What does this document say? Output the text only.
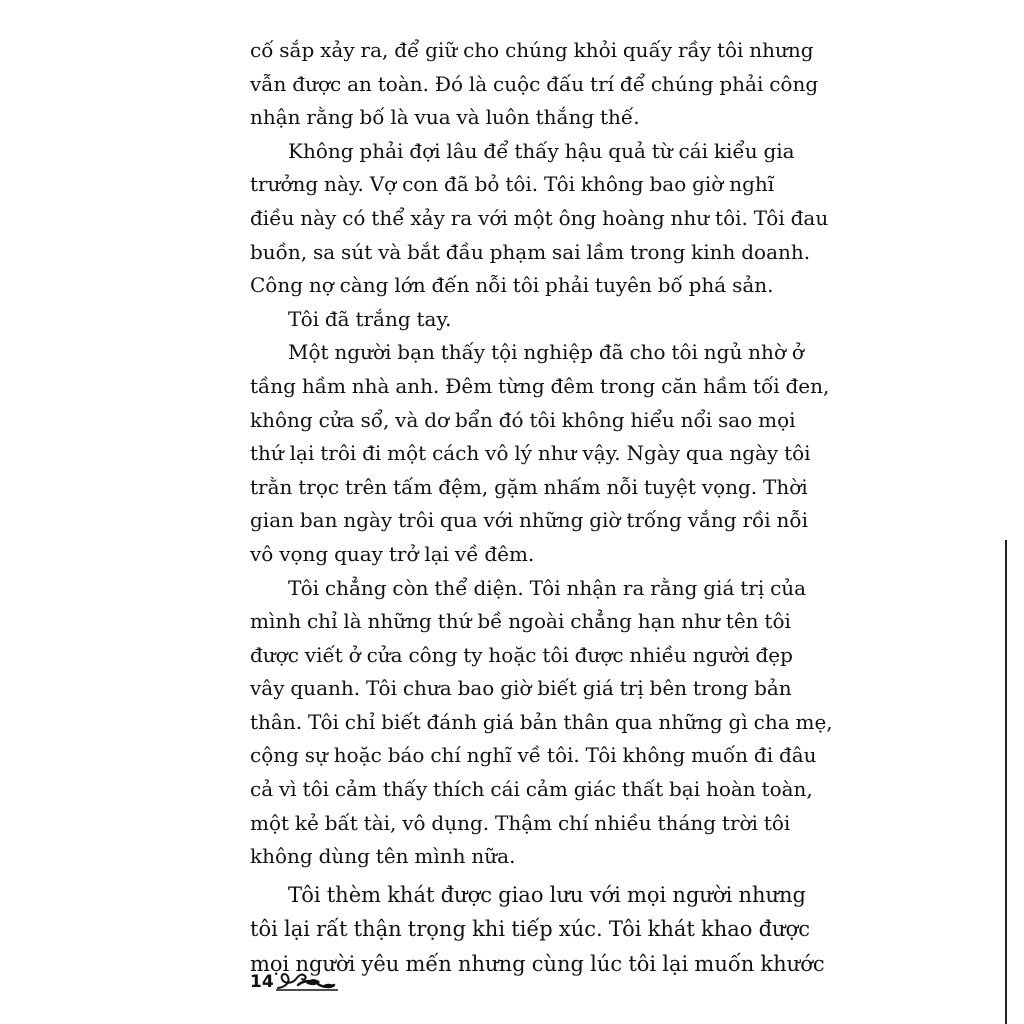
cố sắp xảy ra, để giữ cho chúng khỏi quấy rầy tôi nhưng
vẫn được an toàn. Đó là cuộc đấu trí để chúng phải công
nhận rằng bố là vua và luôn thắng thế.

Không phải đợi lâu để thấy hậu quả từ cái kiểu gia
trưởng này. Vợ con đã bỏ tôi. Tôi không bao giờ nghĩ
điều này có thể xảy ra với một ông hoàng như tôi. Tôi đau
buồn, sa sút và bắt đầu phạm sai lầm trong kinh doanh.
Công nợ càng lớn đến nỗi tôi phải tuyên bố phá sản.

Tôi đã trắng tay.

Một người bạn thấy tội nghiệp đã cho tôi ngủ nhờ ở
tầng hầm nhà anh. Đêm từng đêm trong căn hầm tối đen,
không cửa sổ, và dơ bẩn đó tôi không hiểu nổi sao mọi
thứ lại trôi đi một cách vô lý như vậy. Ngày qua ngày tôi
trằn trọc trên tấm đệm, gặm nhấm nỗi tuyệt vọng. Thời
gian ban ngày trôi qua với những giờ trống vắng rồi nỗi
vô vọng quay trở lại về đêm.

Tôi chẳng còn thể diện. Tôi nhận ra rằng giá trị của
mình chỉ là những thứ bề ngoài chẳng hạn như tên tôi
được viết ở cửa công ty hoặc tôi được nhiều người đẹp
vây quanh. Tôi chưa bao giờ biết giá trị bên trong bản
thân. Tôi chỉ biết đánh giá bản thân qua những gì cha mẹ,
cộng sự hoặc báo chí nghĩ về tôi. Tôi không muốn đi đâu
cả vì tôi cảm thấy thích cái cảm giác thất bại hoàn toàn,
một kẻ bất tài, vô dụng. Thậm chí nhiều tháng trời tôi
không dùng tên mình nữa.

Tôi thèm khát được giao lưu với mọi người nhưng
tôi lại rất thận trọng khi tiếp xúc. Tôi khát khao được
mọi người yêu mến nhưng cùng lúc tôi lại muốn khước

14
